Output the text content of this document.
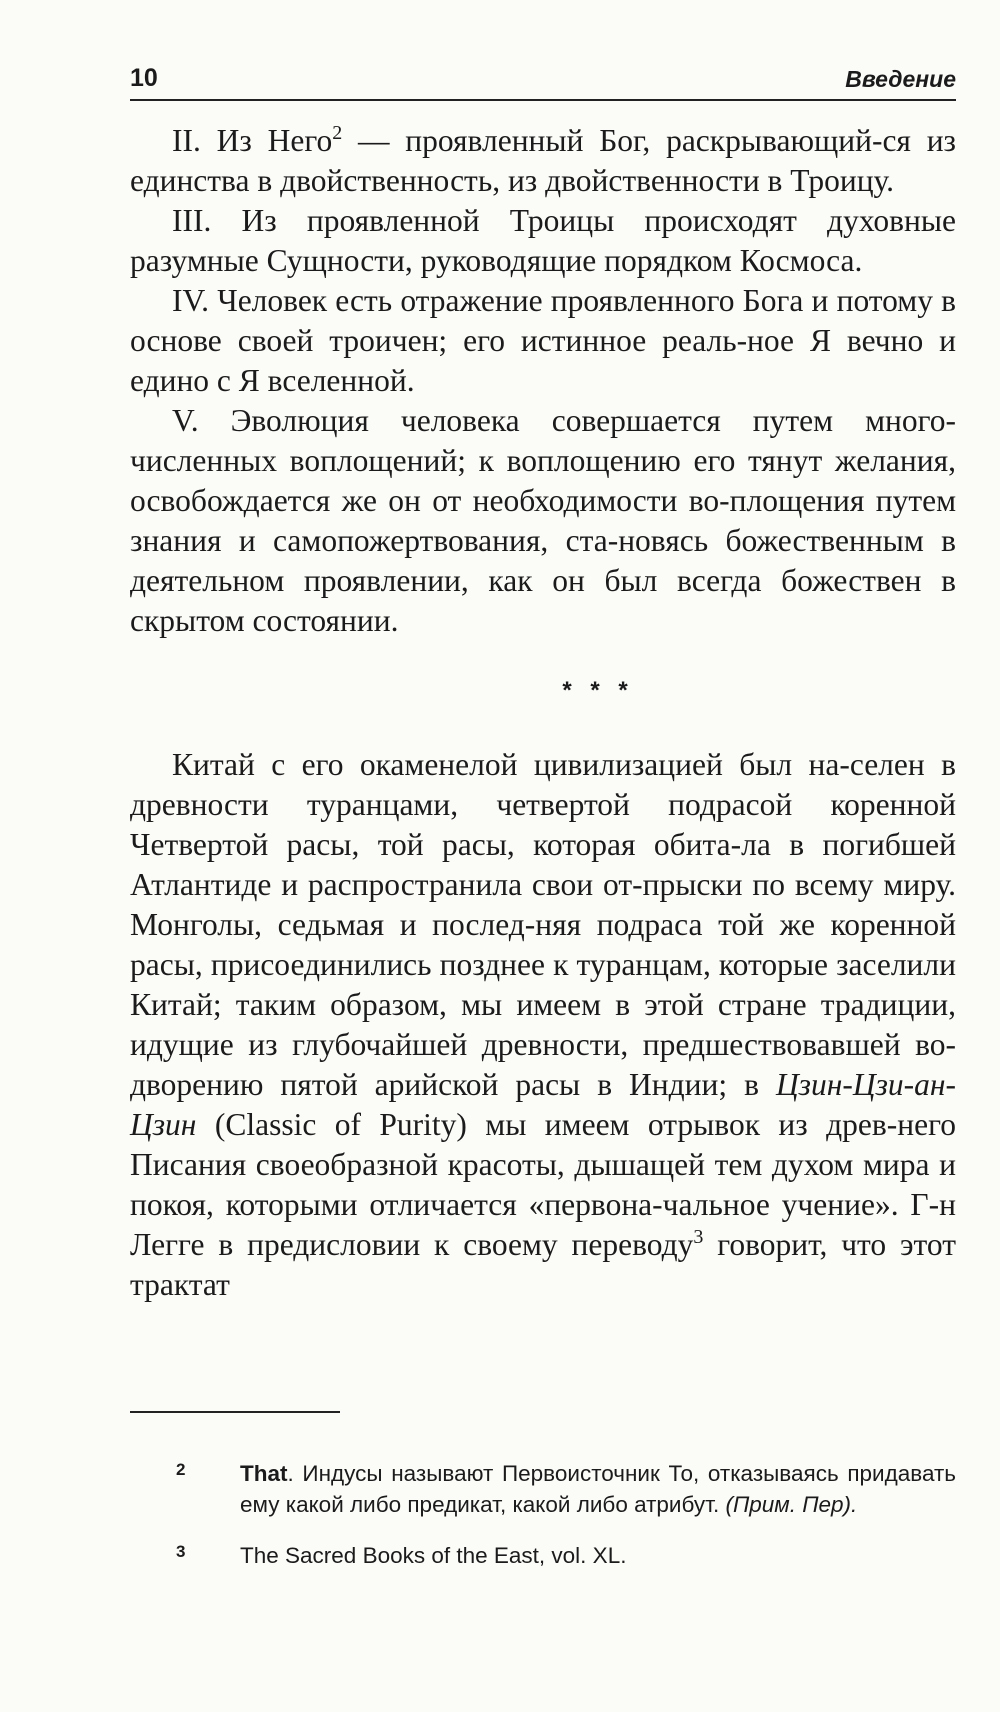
10	Введение

II. Из Него$^2$ — проявленный Бог, раскрывающий-ся из единства в двойственность, из двойственности в Троицу.

III. Из проявленной Троицы происходят духовные разумные Сущности, руководящие порядком Космоса.

IV. Человек есть отражение проявленного Бога и потому в основе своей троичен; его истинное реаль-ное Я вечно и едино с Я вселенной.

V. Эволюция человека совершается путем много-численных воплощений; к воплощению его тянут желания, освобождается же он от необходимости во-площения путем знания и самопожертвования, ста-новясь божественным в деятельном проявлении, как он был всегда божествен в скрытом состоянии.

* * *

Китай с его окаменелой цивилизацией был на-селен в древности туранцами, четвертой подрасой коренной Четвертой расы, той расы, которая обита-ла в погибшей Атлантиде и распространила свои от-прыски по всему миру. Монголы, седьмая и послед-няя подраса той же коренной расы, присоединились позднее к туранцам, которые заселили Китай; таким образом, мы имеем в этой стране традиции, идущие из глубочайшей древности, предшествовавшей во-дворению пятой арийской расы в Индии; в Цзин-Цзи-ан-Цзин (Classic of Purity) мы имеем отрывок из древ-него Писания своеобразной красоты, дышащей тем духом мира и покоя, которыми отличается «первона-чальное учение». Г-н Легге в предисловии к своему переводу$^3$ говорит, что этот трактат

2	That. Индусы называют Первоисточник То, отказываясь придавать ему какой либо предикат, какой либо атрибут. (Прим. Пер).
3	The Sacred Books of the East, vol. XL.
